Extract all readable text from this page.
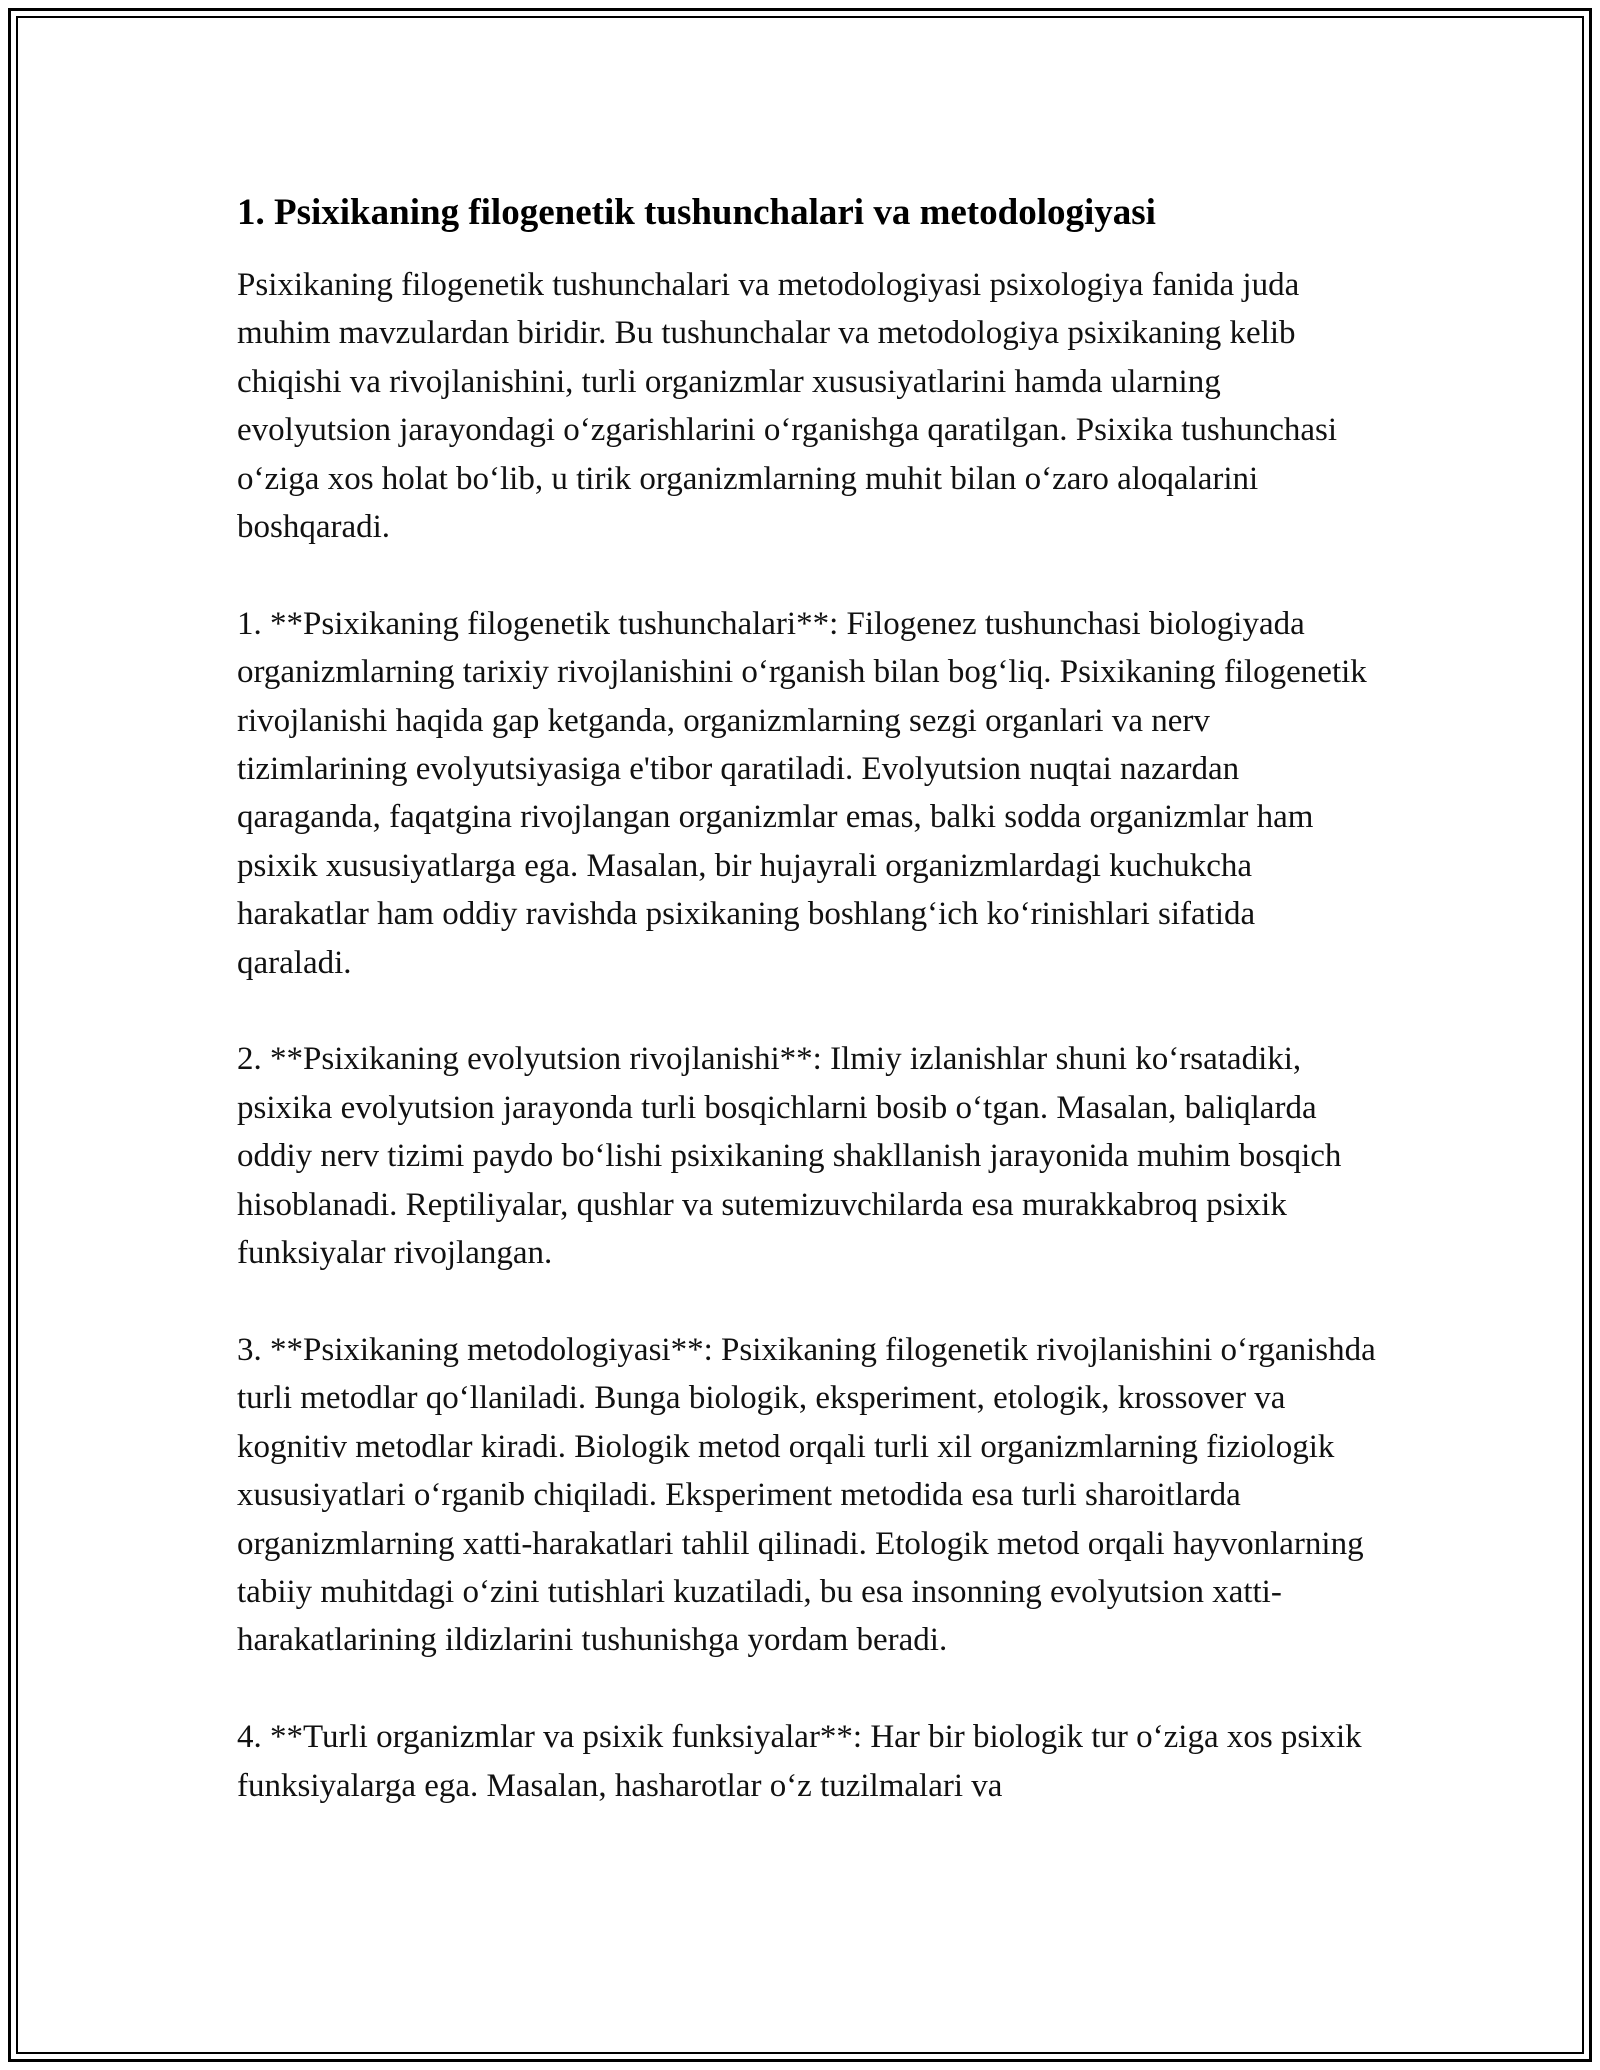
1. Psixikaning filogenetik tushunchalari va metodologiyasi

Psixikaning filogenetik tushunchalari va metodologiyasi psixologiya fanida juda muhim mavzulardan biridir. Bu tushunchalar va metodologiya psixikaning kelib chiqishi va rivojlanishini, turli organizmlar xususiyatlarini hamda ularning evolyutsion jarayondagi oʻzgarishlarini oʻrganishga qaratilgan. Psixika tushunchasi oʻziga xos holat boʻlib, u tirik organizmlarning muhit bilan oʻzaro aloqalarini boshqaradi.

1. **Psixikaning filogenetik tushunchalari**: Filogenez tushunchasi biologiyada organizmlarning tarixiy rivojlanishini oʻrganish bilan bogʻliq. Psixikaning filogenetik rivojlanishi haqida gap ketganda, organizmlarning sezgi organlari va nerv tizimlarining evolyutsiyasiga e'tibor qaratiladi. Evolyutsion nuqtai nazardan qaraganda, faqatgina rivojlangan organizmlar emas, balki sodda organizmlar ham psixik xususiyatlarga ega. Masalan, bir hujayrali organizmlardagi kuchukcha harakatlar ham oddiy ravishda psixikaning boshlangʻich koʻrinishlari sifatida qaraladi.

2. **Psixikaning evolyutsion rivojlanishi**: Ilmiy izlanishlar shuni koʻrsatadiki, psixika evolyutsion jarayonda turli bosqichlarni bosib oʻtgan. Masalan, baliqlarda oddiy nerv tizimi paydo boʻlishi psixikaning shakllanish jarayonida muhim bosqich hisoblanadi. Reptiliyalar, qushlar va sutemizuvchilarda esa murakkabroq psixik funksiyalar rivojlangan.

3. **Psixikaning metodologiyasi**: Psixikaning filogenetik rivojlanishini oʻrganishda turli metodlar qoʻllaniladi. Bunga biologik, eksperiment, etologik, krossover va kognitiv metodlar kiradi. Biologik metod orqali turli xil organizmlarning fiziologik xususiyatlari oʻrganib chiqiladi. Eksperiment metodida esa turli sharoitlarda organizmlarning xatti-harakatlari tahlil qilinadi. Etologik metod orqali hayvonlarning tabiiy muhitdagi oʻzini tutishlari kuzatiladi, bu esa insonning evolyutsion xatti-harakatlarining ildizlarini tushunishga yordam beradi.

4. **Turli organizmlar va psixik funksiyalar**: Har bir biologik tur oʻziga xos psixik funksiyalarga ega. Masalan, hasharotlar oʻz tuzilmalari va
